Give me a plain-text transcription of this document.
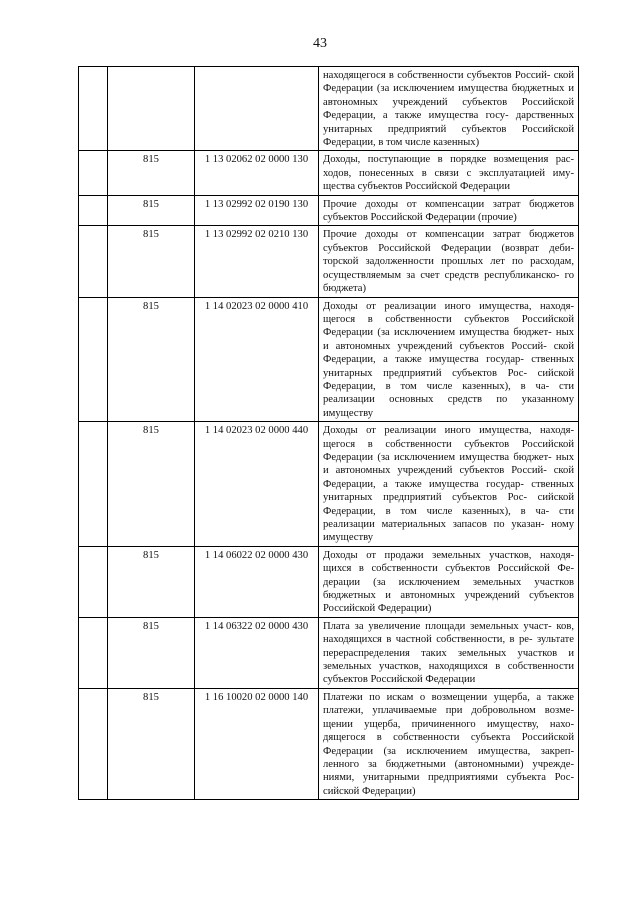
43
			находящегося в собственности субъектов Россий- ской Федерации (за исключением имущества бюджетных и автономных учреждений субъектов Российской Федерации, а также имущества госу- дарственных унитарных предприятий субъектов Российской Федерации, в том числе казенных)
	815	1 13 02062 02 0000 130	Доходы, поступающие в порядке возмещения рас- ходов, понесенных в связи с эксплуатацией иму- щества субъектов Российской Федерации
	815	1 13 02992 02 0190 130	Прочие доходы от компенсации затрат бюджетов субъектов Российской Федерации (прочие)
	815	1 13 02992 02 0210 130	Прочие доходы от компенсации затрат бюджетов субъектов Российской Федерации (возврат деби- торской задолженности прошлых лет по расходам, осуществляемым за счет средств республиканско- го бюджета)
	815	1 14 02023 02 0000 410	Доходы от реализации иного имущества, находя- щегося в собственности субъектов Российской Федерации (за исключением имущества бюджет- ных и автономных учреждений субъектов Россий- ской Федерации, а также имущества государ- ственных унитарных предприятий субъектов Рос- сийской Федерации, в том числе казенных), в ча- сти реализации основных средств по указанному имуществу
	815	1 14 02023 02 0000 440	Доходы от реализации иного имущества, находя- щегося в собственности субъектов Российской Федерации (за исключением имущества бюджет- ных и автономных учреждений субъектов Россий- ской Федерации, а также имущества государ- ственных унитарных предприятий субъектов Рос- сийской Федерации, в том числе казенных), в ча- сти реализации материальных запасов по указан- ному имуществу
	815	1 14 06022 02 0000 430	Доходы от продажи земельных участков, находя- щихся в собственности субъектов Российской Фе- дерации (за исключением земельных участков бюджетных и автономных учреждений субъектов Российской Федерации)
	815	1 14 06322 02 0000 430	Плата за увеличение площади земельных участ- ков, находящихся в частной собственности, в ре- зультате перераспределения таких земельных участков и земельных участков, находящихся в собственности субъектов Российской Федерации
	815	1 16 10020 02 0000 140	Платежи по искам о возмещении ущерба, а также платежи, уплачиваемые при добровольном возме- щении ущерба, причиненного имуществу, нахо- дящегося в собственности субъекта Российской Федерации (за исключением имущества, закреп- ленного за бюджетными (автономными) учрежде- ниями, унитарными предприятиями субъекта Рос- сийской Федерации)
